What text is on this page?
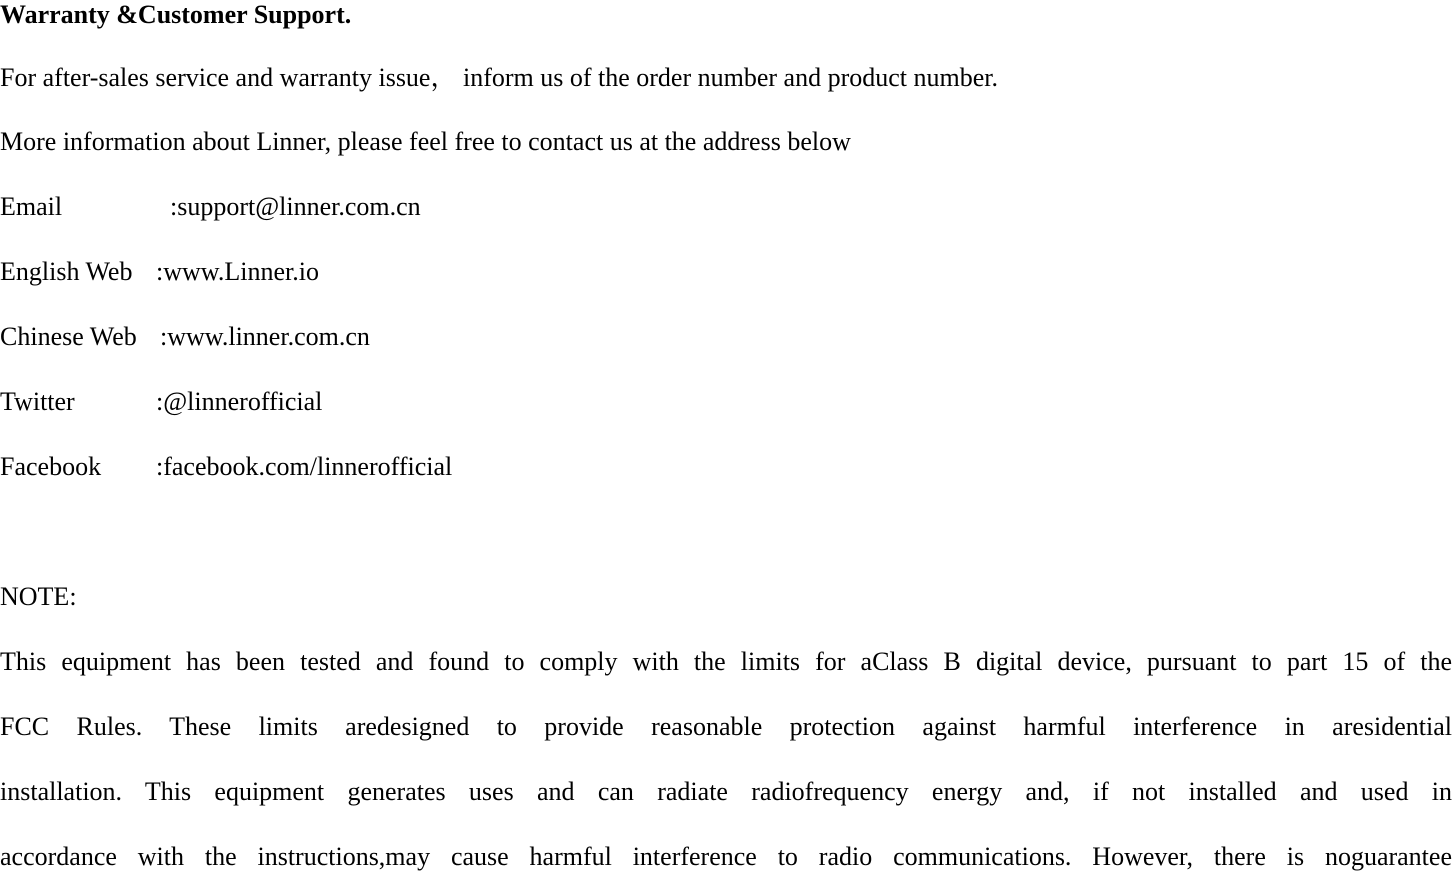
Warranty &Customer Support.
For after-sales service and warranty issue， inform us of the order number and product number.
More information about Linner, please feel free to contact us at the address below
Email	:support@linner.com.cn
English Web :www.Linner.io
Chinese Web :www.linner.com.cn
Twitter	:@linnerofficial
Facebook :facebook.com/linnerofficial
NOTE:
This equipment has been tested and found to comply with the limits for aClass B digital device, pursuant to part 15 of the
FCC Rules. These limits aredesigned to provide reasonable protection against harmful interference in aresidential
installation. This equipment generates uses and can radiate radiofrequency energy and, if not installed and used in
accordance with the instructions,may cause harmful interference to radio communications. However, there is noguarantee
